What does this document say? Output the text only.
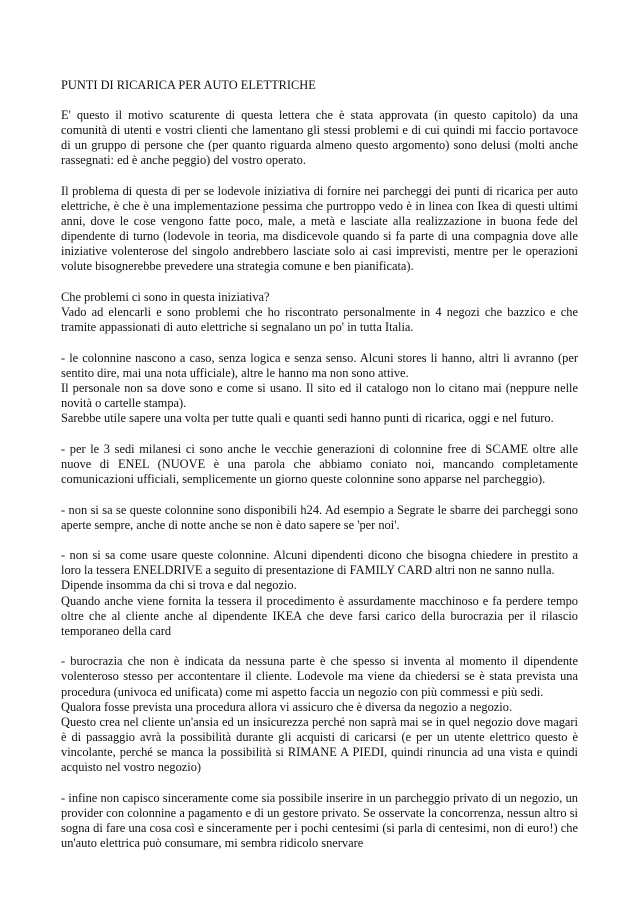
PUNTI DI RICARICA PER AUTO ELETTRICHE

E' questo il motivo scaturente di questa lettera che è stata approvata (in questo capitolo) da una comunità di utenti e vostri clienti che lamentano gli stessi problemi e di cui quindi mi faccio portavoce di un gruppo di persone che (per quanto riguarda almeno questo argomento) sono delusi (molti anche rassegnati: ed è anche peggio) del vostro operato.

Il problema di questa di per se lodevole iniziativa di fornire nei parcheggi dei punti di ricarica per auto elettriche, è che è una implementazione pessima che purtroppo vedo è in linea con Ikea di questi ultimi anni, dove le cose vengono fatte poco, male, a metà e lasciate alla realizzazione in buona fede del dipendente di turno (lodevole in teoria, ma disdicevole quando si fa parte di una compagnia dove alle iniziative volenterose del singolo andrebbero lasciate solo ai casi imprevisti, mentre per le operazioni volute bisognerebbe prevedere una strategia comune e ben pianificata).

Che problemi ci sono in questa iniziativa?
Vado ad elencarli e sono problemi che ho riscontrato personalmente in 4 negozi che bazzico e che tramite appassionati di auto elettriche si segnalano un po' in tutta Italia.
- le colonnine nascono a caso, senza logica e senza senso. Alcuni stores li hanno, altri li avranno (per sentito dire, mai una nota ufficiale), altre le hanno ma non sono attive.
Il personale non sa dove sono e come si usano. Il sito ed il catalogo non lo citano mai (neppure nelle novità o cartelle stampa).
Sarebbe utile sapere una volta per tutte quali e quanti sedi hanno punti di ricarica, oggi e nel futuro.

- per le 3 sedi milanesi ci sono anche le vecchie generazioni di colonnine free di SCAME oltre alle nuove di ENEL (NUOVE è una parola che abbiamo coniato noi, mancando completamente comunicazioni ufficiali, semplicemente un giorno queste colonnine sono apparse nel parcheggio).

- non si sa se queste colonnine sono disponibili h24. Ad esempio a Segrate le sbarre dei parcheggi sono aperte sempre, anche di notte anche se non è dato sapere se 'per noi'.

- non si sa come usare queste colonnine. Alcuni dipendenti dicono che bisogna chiedere in prestito a loro la tessera ENELDRIVE a seguito di presentazione di FAMILY CARD altri non ne sanno nulla.
Dipende insomma da chi si trova e dal negozio.
Quando anche viene fornita la tessera il procedimento è assurdamente macchinoso e fa perdere tempo oltre che al cliente anche al dipendente IKEA che deve farsi carico della burocrazia per il rilascio temporaneo della card
- burocrazia che non è indicata da nessuna parte è che spesso si inventa al momento il dipendente volenteroso stesso per accontentare il cliente. Lodevole ma viene da chiedersi se è stata prevista una procedura (univoca ed unificata) come mi aspetto faccia un negozio con più commessi e più sedi.
Qualora fosse prevista una procedura allora vi assicuro che è diversa da negozio a negozio.
Questo crea nel cliente un'ansia ed un insicurezza perché non saprà mai se in quel negozio dove magari è di passaggio avrà la possibilità durante gli acquisti di caricarsi (e per un utente elettrico questo è vincolante, perché se manca la possibilità si RIMANE A PIEDI, quindi rinuncia ad una vista e quindi acquisto nel vostro negozio)

- infine non capisco sinceramente come sia possibile inserire in un parcheggio privato di un negozio, un provider con colonnine a pagamento e di un gestore privato. Se osservate la concorrenza, nessun altro si sogna di fare una cosa così e sinceramente per i pochi centesimi (si parla di centesimi, non di euro!) che un'auto elettrica può consumare, mi sembra ridicolo snervare
